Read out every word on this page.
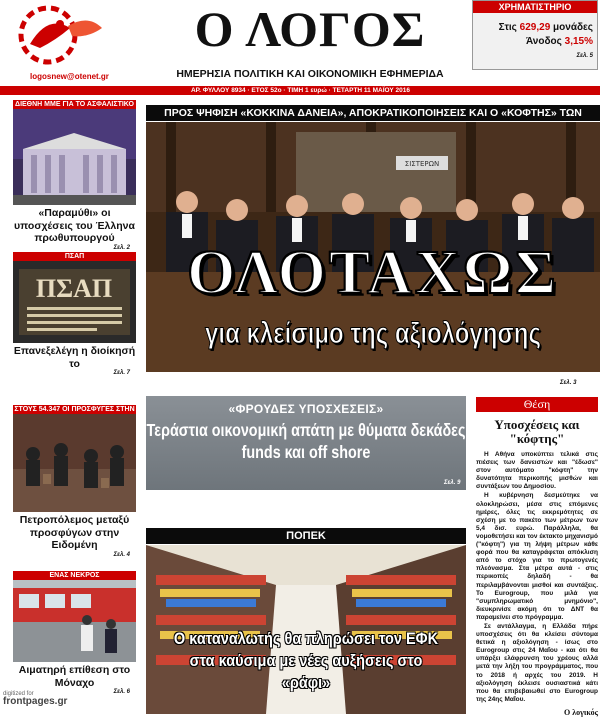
logosnew@otenet.gr
Ο ΛΟΓΟΣ
ΗΜΕΡΗΣΙΑ ΠΟΛΙΤΙΚΗ ΚΑΙ ΟΙΚΟΝΟΜΙΚΗ ΕΦΗΜΕΡΙΔΑ
ΧΡΗΜΑΤΙΣΤΗΡΙΟ
Στις 629,29 μονάδες
Άνοδος 3,15%
Σελ. 5
ΑΡ. ΦΥΛΛΟΥ 8934 · ΕΤΟΣ 52ο · ΤΙΜΗ 1 ευρώ · ΤΕΤΑΡΤΗ 11 ΜΑΪΟΥ 2016
ΔΙΕΘΝΗ ΜΜΕ ΓΙΑ ΤΟ ΑΣΦΑΛΙΣΤΙΚΟ
«Παραμύθι» οι υποσχέσεις του Έλληνα πρωθυπουργού
Σελ. 2
ΠΣΑΠ
ΠΣΑΠ
Επανεξελέγη η διοίκησή το
Σελ. 7
ΣΤΟΥΣ 54.347 ΟΙ ΠΡΟΣΦΥΓΕΣ ΣΤΗΝ
Πετροπόλεμος μεταξύ προσφύγων στην Ειδομένη
Σελ. 4
ΕΝΑΣ ΝΕΚΡΟΣ
Αιματηρή επίθεση στο Μόναχο
Σελ. 6
ΠΡΟΣ ΨΗΦΙΣΗ «ΚΟΚΚΙΝΑ ΔΑΝΕΙΑ», ΑΠΟΚΡΑΤΙΚΟΠΟΙΗΣΕΙΣ ΚΑΙ Ο «ΚΟΦΤΗΣ» ΤΩΝ
ΣΙΣΤΕΡΩΝ
ΟΛΟΤΑΧΩΣ
για κλείσιμο της αξιολόγησης
Σελ. 3
«ΦΡΟΥΔΕΣ ΥΠΟΣΧΕΣΕΙΣ»
Τεράστια οικονομική απάτη με θύματα δεκάδες funds και off shore
Σελ. 9
ΠΟΠΕΚ
Ο καταναλωτής θα πληρώσει τον ΕΦΚ στα καύσιμα με νέες αυξήσεις στο «ράφι»
Θέση
Υποσχέσεις και "κόφτης"

Η Αθήνα υποκύπτει τελικά στις πιέσεις των δανειστών και "έδωσε" στον αυτόματο "κόφτη" την δυνατότητα περικοπής μισθών και συντάξεων του Δημοσίου.

Η κυβέρνηση δεσμεύτηκε να ολοκληρώσει, μέσα στις επόμενες ημέρες, όλες τις εκκρεμότητες σε σχέση με το πακέτο των μέτρων των 5,4 δισ. ευρώ. Παράλληλα, θα νομοθετήσει και τον έκτακτο μηχανισμό ("κόφτη") για τη λήψη μέτρων κάθε φορά που θα καταγράφεται απόκλιση από το στόχο για το πρωτογενές πλεόνασμα. Στα μέτρα αυτά - στις περικοπές δηλαδή - θα περιλαμβάνονται μισθοί και συντάξεις. Το Eurogroup, που μιλά για "συμπληρωματικό μνημόνιο", διευκρινίσε ακόμη ότι το ΔΝΤ θα παραμείνει στο πρόγραμμα.

Σε αντάλλαγμα, η Ελλάδα πήρε υποσχέσεις ότι θα κλείσει σύντομα θετικά η αξιολόγηση - ίσως στο Eurogroup στις 24 Μαΐου - και ότι θα υπάρξει ελάφρυνση του χρέους αλλά μετά την λήξη του προγράμματος, που το 2018 ή αρχές του 2019. Η αξιολόγηση έκλεισε ουσιαστικά κάτι που θα επιβεβαιωθεί στο Eurogroup της 24ης Μαΐου.

Ο λογικός
digitized for
frontpages.gr
